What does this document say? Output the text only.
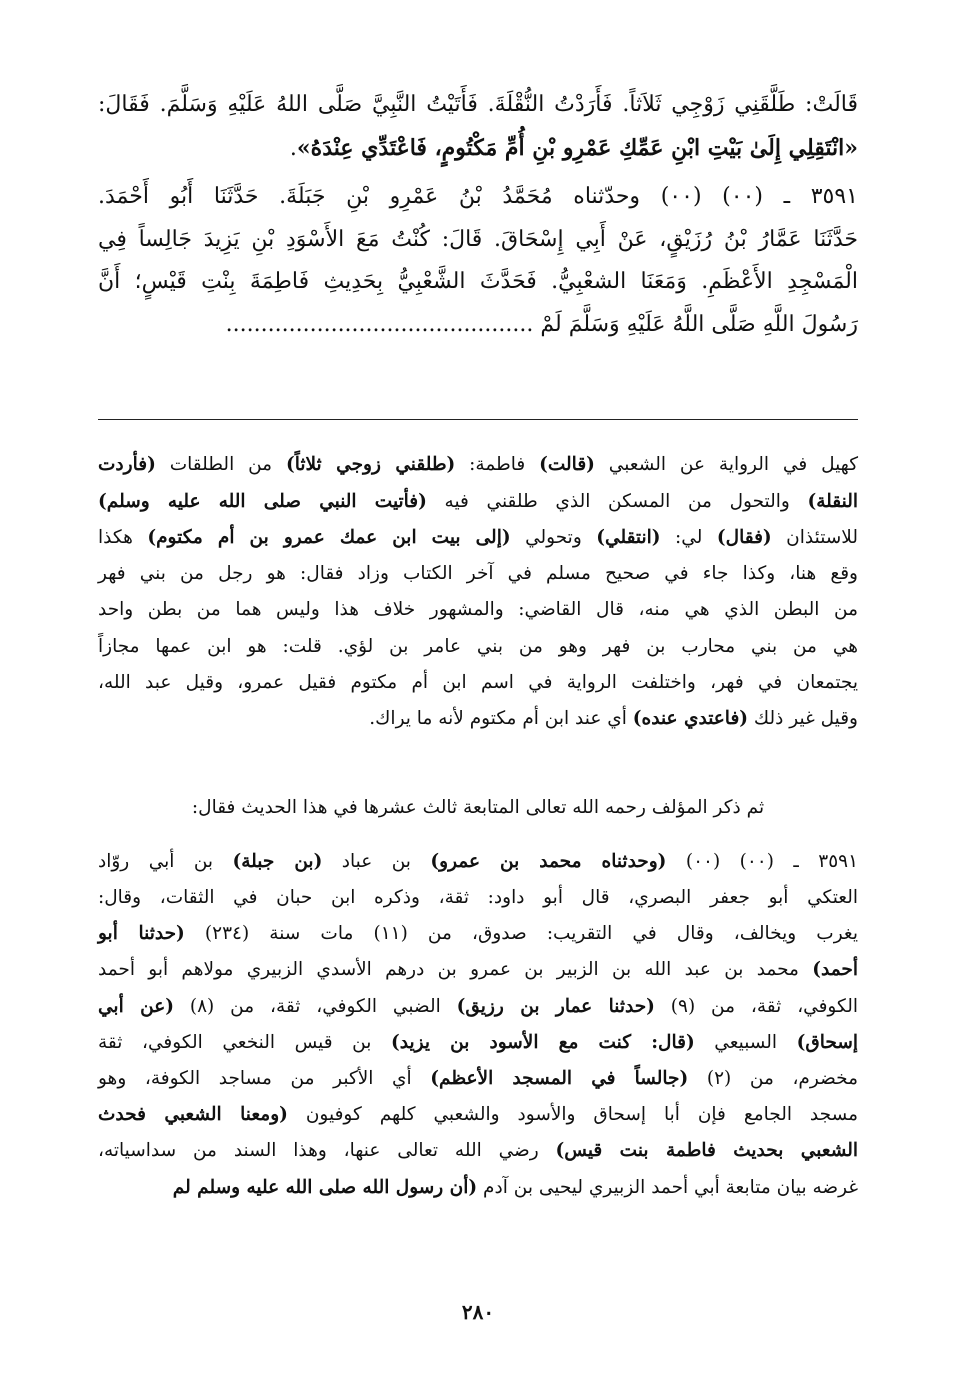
٢٨٠
قَالَتْ: طَلَّقَنِي زَوْجِي ثَلاَثاً. فَأَرَدْتُ النُّقْلَةَ. فَأَتَيْتُ النَّبِيَّ صَلَّى اللهُ عَلَيْهِ وَسَلَّمَ. فَقَالَ:
«انْتَقِلِي إِلَىٰ بَيْتِ ابْنِ عَمِّكِ عَمْرِو بْنِ أُمِّ مَكْتُومٍ، فَاعْتَدِّي عِنْدَهُ».
٣٥٩١ ـ (٠٠) (٠٠) وحدّثناه مُحَمَّدُ بْنُ عَمْرِو بْنِ جَبَلَةَ. حَدَّثَنَا أَبُو أَحْمَدَ.
حَدَّثَنَا عَمَّارُ بْنُ رُزَيْقٍ، عَنْ أَبِي إِسْحَاقَ. قَالَ: كُنْتُ مَعَ الأَسْوَدِ بْنِ يَزِيدَ جَالِساً فِي
الْمَسْجِدِ الأَعْظَمِ. وَمَعَنَا الشعْبِيُّ. فَحَدَّثَ الشَّعْبِيُّ بِحَدِيثِ فَاطِمَةَ بِنْتِ قَيْسٍ؛ أَنَّ
رَسُولَ اللَّهِ صَلَّى اللَّهُ عَلَيْهِ وَسَلَّمَ لَمْ ............................................
كهيل في الرواية عن الشعبي (قالت) فاطمة: (طلقني زوجي ثلاثاً) من الطلقات (فأردت
النقلة) والتحول من المسكن الذي طلقني فيه (فأتيت النبي صلى الله عليه وسلم)
للاستئذان (فقال) لي: (انتقلي) وتحولي (إلى بيت ابن عمك عمرو بن أم مكتوم) هكذا
وقع هنا، وكذا جاء في صحيح مسلم في آخر الكتاب وزاد فقال: هو رجل من بني فهر
من البطن الذي هي منه، قال القاضي: والمشهور خلاف هذا وليس هما من بطن واحد
هي من بني محارب بن فهر وهو من بني عامر بن لؤي. قلت: هو ابن عمها مجازاً
يجتمعان في فهر، واختلفت الرواية في اسم ابن أم مكتوم فقيل عمرو، وقيل عبد الله،
وقيل غير ذلك (فاعتدي عنده) أي عند ابن أم مكتوم لأنه ما يراك.
ثم ذكر المؤلف رحمه الله تعالى المتابعة ثالث عشرها في هذا الحديث فقال:
٣٥٩١ ـ (٠٠) (٠٠) (وحدثناه محمد بن عمرو) بن عباد (بن جبلة) بن أبي روّاد
العتكي أبو جعفر البصري، قال أبو داود: ثقة، وذكره ابن حبان في الثقات، وقال:
يغرب ويخالف، وقال في التقريب: صدوق، من (١١) مات سنة (٢٣٤) (حدثنا أبو
أحمد) محمد بن عبد الله بن الزبير بن عمرو بن درهم الأسدي الزبيري مولاهم أبو أحمد
الكوفي، ثقة، من (٩) (حدثنا عمار بن رزيق) الضبي الكوفي، ثقة، من (٨) (عن أبي
إسحاق) السبيعي (قال: كنت مع الأسود بن يزيد) بن قيس النخعي الكوفي، ثقة
مخضرم، من (٢) (جالساً في المسجد الأعظم) أي الأكبر من مساجد الكوفة، وهو
مسجد الجامع فإن أبا إسحاق والأسود والشعبي كلهم كوفيون (ومعنا الشعبي فحدث
الشعبي بحديث فاطمة بنت قيس) رضي الله تعالى عنها، وهذا السند من سداسياته،
غرضه بيان متابعة أبي أحمد الزبيري ليحيى بن آدم (أن رسول الله صلى الله عليه وسلم لم
